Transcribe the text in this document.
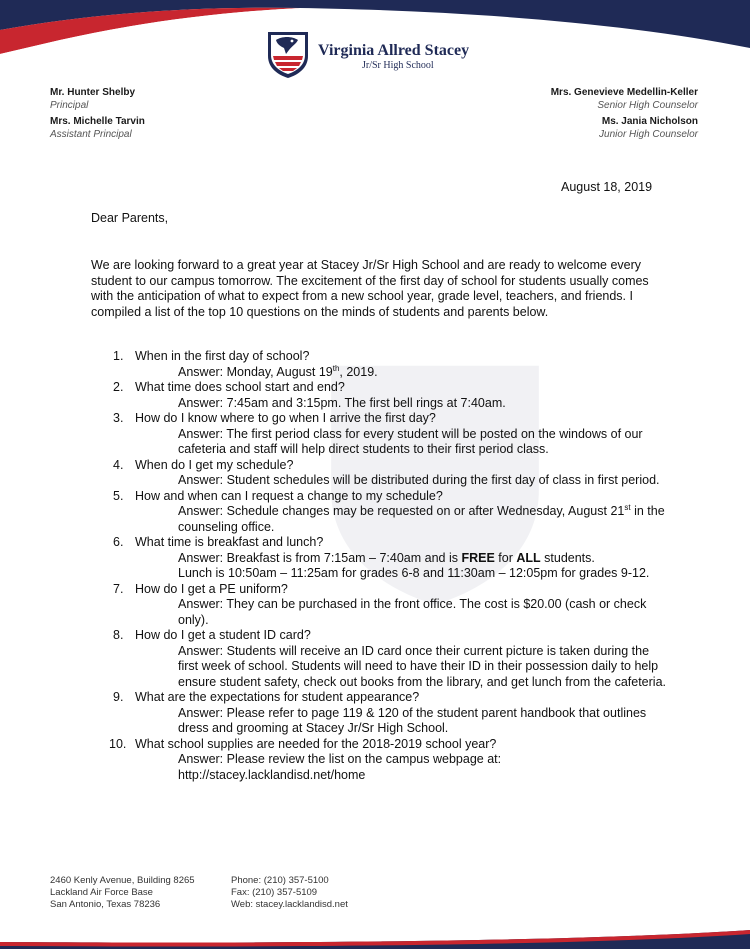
Virginia Allred Stacey
Jr/Sr High School
Mr. Hunter Shelby
Principal
Mrs. Michelle Tarvin
Assistant Principal
Mrs. Genevieve Medellin-Keller
Senior High Counselor
Ms. Jania Nicholson
Junior High Counselor
August 18, 2019
Dear Parents,
We are looking forward to a great year at Stacey Jr/Sr High School and are ready to welcome every student to our campus tomorrow. The excitement of the first day of school for students usually comes with the anticipation of what to expect from a new school year, grade level, teachers, and friends. I compiled a list of the top 10 questions on the minds of students and parents below.
1. When in the first day of school?
Answer: Monday, August 19th, 2019.
2. What time does school start and end?
Answer: 7:45am and 3:15pm. The first bell rings at 7:40am.
3. How do I know where to go when I arrive the first day?
Answer: The first period class for every student will be posted on the windows of our cafeteria and staff will help direct students to their first period class.
4. When do I get my schedule?
Answer: Student schedules will be distributed during the first day of class in first period.
5. How and when can I request a change to my schedule?
Answer: Schedule changes may be requested on or after Wednesday, August 21st in the counseling office.
6. What time is breakfast and lunch?
Answer: Breakfast is from 7:15am – 7:40am and is FREE for ALL students.
Lunch is 10:50am – 11:25am for grades 6-8 and 11:30am – 12:05pm for grades 9-12.
7. How do I get a PE uniform?
Answer: They can be purchased in the front office. The cost is $20.00 (cash or check only).
8. How do I get a student ID card?
Answer: Students will receive an ID card once their current picture is taken during the first week of school. Students will need to have their ID in their possession daily to help ensure student safety, check out books from the library, and get lunch from the cafeteria.
9. What are the expectations for student appearance?
Answer: Please refer to page 119 & 120 of the student parent handbook that outlines dress and grooming at Stacey Jr/Sr High School.
10. What school supplies are needed for the 2018-2019 school year?
Answer: Please review the list on the campus webpage at:
http://stacey.lacklandisd.net/home
2460 Kenly Avenue, Building 8265
Lackland Air Force Base
San Antonio, Texas 78236
Phone: (210) 357-5100
Fax: (210) 357-5109
Web: stacey.lacklandisd.net
